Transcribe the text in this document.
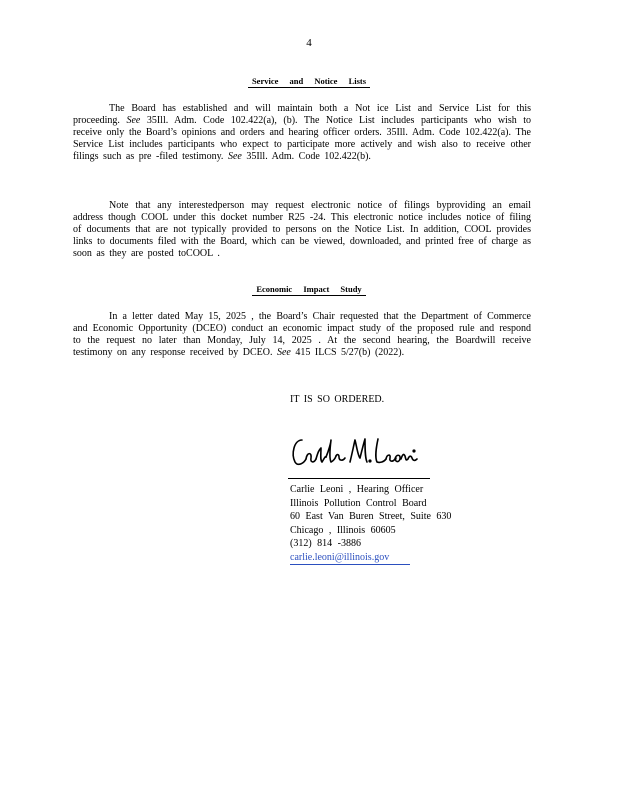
4
Service and Notice Lists
The Board has established and will maintain both a Not ice List and Service List for this proceeding. See 35Ill. Adm. Code 102.422(a), (b). The Notice List includes participants who wish to receive only the Board’s opinions and orders and hearing officer orders. 35Ill. Adm. Code 102.422(a). The Service List includes participants who expect to participate more actively and wish also to receive other filings such as pre -filed testimony. See 35Ill. Adm. Code 102.422(b).
Note that any interestedperson may request electronic notice of filings byproviding an email address though COOL under this docket number R25 -24. This electronic notice includes notice of filing of documents that are not typically provided to persons on the Notice List. In addition, COOL provides links to documents filed with the Board, which can be viewed, downloaded, and printed free of charge as soon as they are posted toCOOL .
Economic Impact Study
In a letter dated May 15, 2025 , the Board’s Chair requested that the Department of Commerce and Economic Opportunity (DCEO) conduct an economic impact study of the proposed rule and respond to the request no later than Monday, July 14, 2025 . At the second hearing, the Boardwill receive testimony on any response received by DCEO. See 415 ILCS 5/27(b) (2022).
IT IS SO ORDERED.
Carlie Leoni , Hearing Officer
Illinois Pollution Control Board
60 East Van Buren Street, Suite 630
Chicago , Illinois 60605
(312) 814 -3886
carlie.leoni@illinois.gov
